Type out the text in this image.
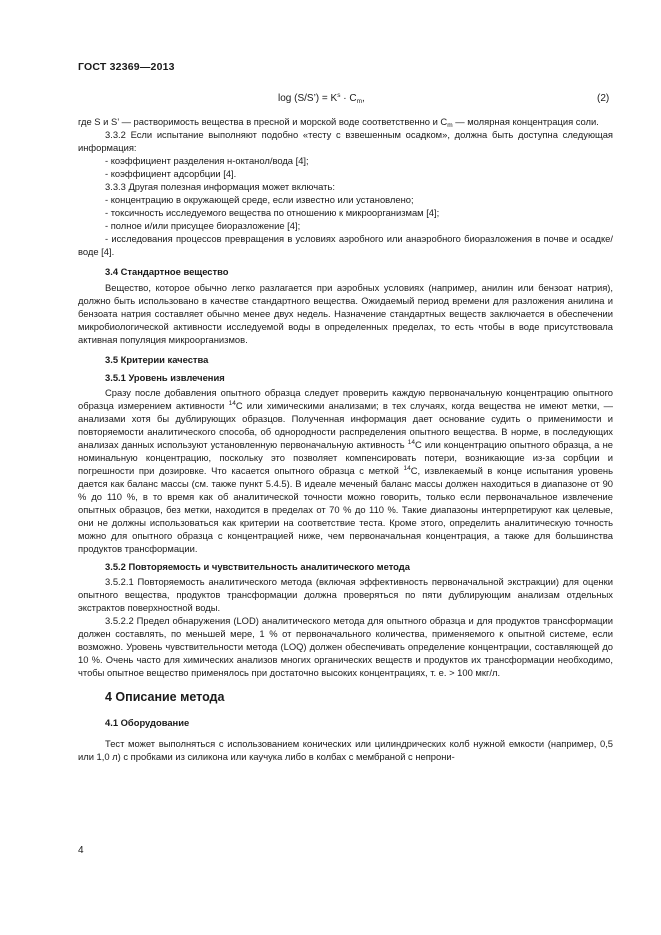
ГОСТ 32369—2013
log (S/S’) = $K^s \cdot C_m$,	(2)

где S и S’ — растворимость вещества в пресной и морской воде соответственно и $C_m$ — молярная концентрация соли.

3.3.2 Если испытание выполняют подобно «тесту с взвешенным осадком», должна быть доступна следующая информация:

- коэффициент разделения н-октанол/вода [4];

- коэффициент адсорбции [4].

3.3.3 Другая полезная информация может включать:

- концентрацию в окружающей среде, если известно или установлено;

- токсичность исследуемого вещества по отношению к микроорганизмам [4];

- полное и/или присущее биоразложение [4];

- исследования процессов превращения в условиях аэробного или анаэробного биоразложения в почве и осадке/воде [4].

3.4 Стандартное вещество

Вещество, которое обычно легко разлагается при аэробных условиях (например, анилин или бензоат натрия), должно быть использовано в качестве стандартного вещества. Ожидаемый период времени для разложения анилина и бензоата натрия составляет обычно менее двух недель. Назначение стандартных веществ заключается в обеспечении микробиологической активности исследуемой воды в определенных пределах, то есть чтобы в воде присутствовала активная популяция микроорганизмов.

3.5 Критерии качества
3.5.1 Уровень извлечения

Сразу после добавления опытного образца следует проверить каждую первоначальную концентрацию опытного образца измерением активности $^{14}$C или химическими анализами; в тех случаях, когда вещества не имеют метки, — анализами хотя бы дублирующих образцов. Полученная информация дает основание судить о применимости и повторяемости аналитического способа, об однородности распределения опытного вещества. В норме, в последующих анализах данных используют установленную первоначальную активность $^{14}$C или концентрацию опытного образца, а не номинальную концентрацию, поскольку это позволяет компенсировать потери, возникающие из-за сорбции и погрешности при дозировке. Что касается опытного образца с меткой $^{14}$C, извлекаемый в конце испытания уровень дается как баланс массы (см. также пункт 5.4.5). В идеале меченый баланс массы должен находиться в диапазоне от 90 % до 110 %, в то время как об аналитической точности можно говорить, только если первоначальное извлечение опытных образцов, без метки, находится в пределах от 70 % до 110 %. Такие диапазоны интерпретируют как целевые, они не должны использоваться как критерии на соответствие теста. Кроме этого, определить аналитическую точность можно для опытного образца с концентрацией ниже, чем первоначальная концентрация, а также для большинства продуктов трансформации.

3.5.2 Повторяемость и чувствительность аналитического метода

3.5.2.1 Повторяемость аналитического метода (включая эффективность первоначальной экстракции) для оценки опытного вещества, продуктов трансформации должна проверяться по пяти дублирующим анализам отдельных экстрактов поверхностной воды.

3.5.2.2 Предел обнаружения (LOD) аналитического метода для опытного образца и для продуктов трансформации должен составлять, по меньшей мере, 1 % от первоначального количества, применяемого к опытной системе, если возможно. Уровень чувствительности метода (LOQ) должен обеспечивать определение концентрации, составляющей до 10 %. Очень часто для химических анализов многих органических веществ и продуктов их трансформации необходимо, чтобы опытное вещество применялось при достаточно высоких концентрациях, т. е. > 100 мкг/л.

4 Описание метода
4.1 Оборудование

Тест может выполняться с использованием конических или цилиндрических колб нужной емкости (например, 0,5 или 1,0 л) с пробками из силикона или каучука либо в колбах с мембраной с непрони-

4
